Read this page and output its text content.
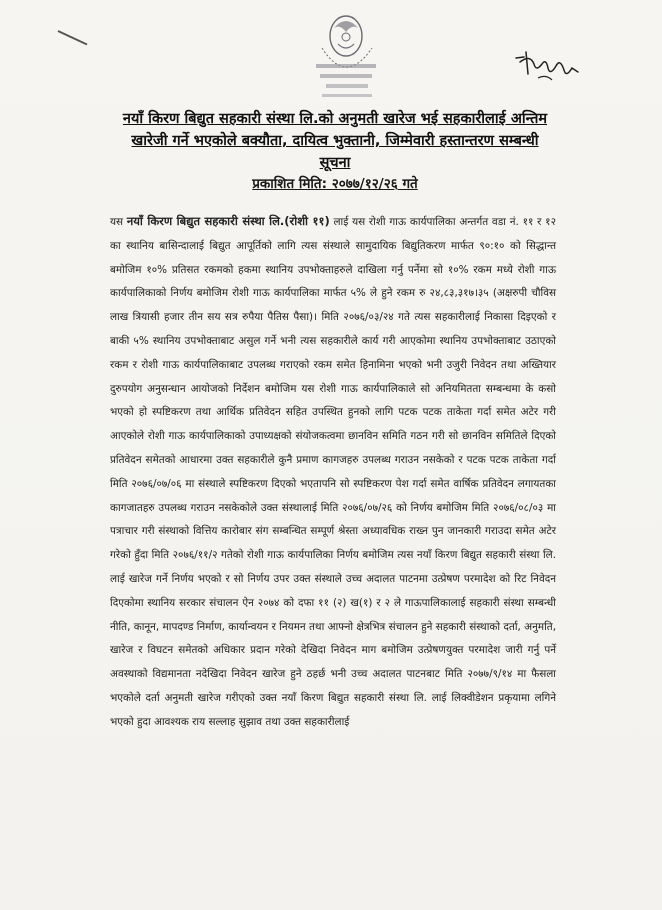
नयाँ किरण बिद्युत सहकारी संस्था लि.को अनुमती खारेज भई सहकारीलाई अन्तिम
खारेजी गर्ने भएकोले बक्यौता, दायित्व भुक्तानी, जिम्मेवारी हस्तान्तरण सम्बन्धी
सूचना
प्रकाशित मिति: २०७७/१२/२६ गते
यस नयाँ किरण बिद्युत सहकारी संस्था लि.(रोशी ११) लाई यस रोशी गाऊ कार्यपालिका अन्तर्गत वडा नं. ११ र १२ का स्थानिय बासिन्दालाई बिद्युत आपूर्तिको लागि त्यस संस्थाले सामुदायिक बिद्युतिकरण मार्फत ९०:१० को सिद्धान्त बमोजिम १०% प्रतिसत रकमको हकमा स्थानिय उपभोक्ताहरुले दाखिला गर्नु पर्नेमा सो १०% रकम मध्ये रोशी गाऊ कार्यपालिकाको निर्णय बमोजिम रोशी गाऊ कार्यपालिका मार्फत ५% ले हुने रकम रु २४,८३,३१७।३५ (अक्षरुपी चौविस लाख त्रियासी हजार तीन सय सत्र रुपैया पैतिस पैसा)। मिति २०७६/०३/२४ गते त्यस सहकारीलाई निकासा दिइएको र बाकी ५% स्थानिय उपभोक्ताबाट असुल गर्ने भनी त्यस सहकारीले कार्य गरी आएकोमा स्थानिय उपभोक्ताबाट उठाएको रकम र रोशी गाऊ कार्यपालिकाबाट उपलब्ध गराएको रकम समेत हिनामिना भएको भनी उजुरी निवेदन तथा अख्तियार दुरुपयोग अनुसन्धान आयोजको निर्देशन बमोजिम यस रोशी गाऊ कार्यपालिकाले सो अनियमितता सम्बन्धमा के कसो भएको हो स्पष्टिकरण तथा आर्थिक प्रतिवेदन सहित उपस्थित हुनको लागि पटक पटक ताकेता गर्दा समेत अटेर गरी आएकोले रोशी गाऊ कार्यपालिकाको उपाध्यक्षको संयोजकत्वमा छानविन समिति गठन गरी सो छानविन समितिले दिएको प्रतिवेदन समेतको आधारमा उक्त सहकारीले कुनै प्रमाण कागजहरु उपलब्ध गराउन नसकेको र पटक पटक ताकेता गर्दा मिति २०७६/०७/०६ मा संस्थाले स्पष्टिकरण दिएको भएतापनि सो स्पष्टिकरण पेश गर्दा समेत वार्षिक प्रतिवेदन लगायतका कागजातहरु उपलब्ध गराउन नसकेकोले उक्त संस्थालाई मिति २०७६/०७/२६ को निर्णय बमोजिम मिति २०७६/०८/०३ मा पत्राचार गरी संस्थाको वित्तिय कारोबार संग सम्बन्धित सम्पूर्ण श्रेस्ता अध्यावधिक राख्न पुन जानकारी गराउदा समेत अटेर गरेको हुँदा मिति २०७६/११/२ गतेको रोशी गाऊ कार्यपालिका निर्णय बमोजिम त्यस नयाँ किरण बिद्युत सहकारी संस्था लि. लाई खारेज गर्ने निर्णय भएको र सो निर्णय उपर उक्त संस्थाले उच्च अदालत पाटनमा उत्प्रेषण परमादेश को रिट निवेदन दिएकोमा स्थानिय सरकार संचालन ऐन २०७४ को दफा ११ (२) ख(१) र २ ले गाऊपालिकालाई सहकारी संस्था सम्बन्धी नीति, कानून, मापदण्ड निर्माण, कार्यान्वयन र नियमन तथा आफ्नो क्षेत्रभित्र संचालन हुने सहकारी संस्थाको दर्ता, अनुमति, खारेज र विघटन समेतको अधिकार प्रदान गरेको देखिदा निवेदन माग बमोजिम उत्प्रेषणयुक्त परमादेश जारी गर्नु पर्ने अवस्थाको विद्यमानता नदेखिदा निवेदन खारेज हुने ठहर्छ भनी उच्च अदालत पाटनबाट मिति २०७७/९/१४ मा फैसला भएकोले दर्ता अनुमती खारेज गरीएको उक्त नयाँ किरण बिद्युत सहकारी संस्था लि. लाई लिक्वीडेशन प्रकृयामा लगिने भएको हुदा आवश्यक राय सल्लाह सुझाव तथा उक्त सहकारीलाई
